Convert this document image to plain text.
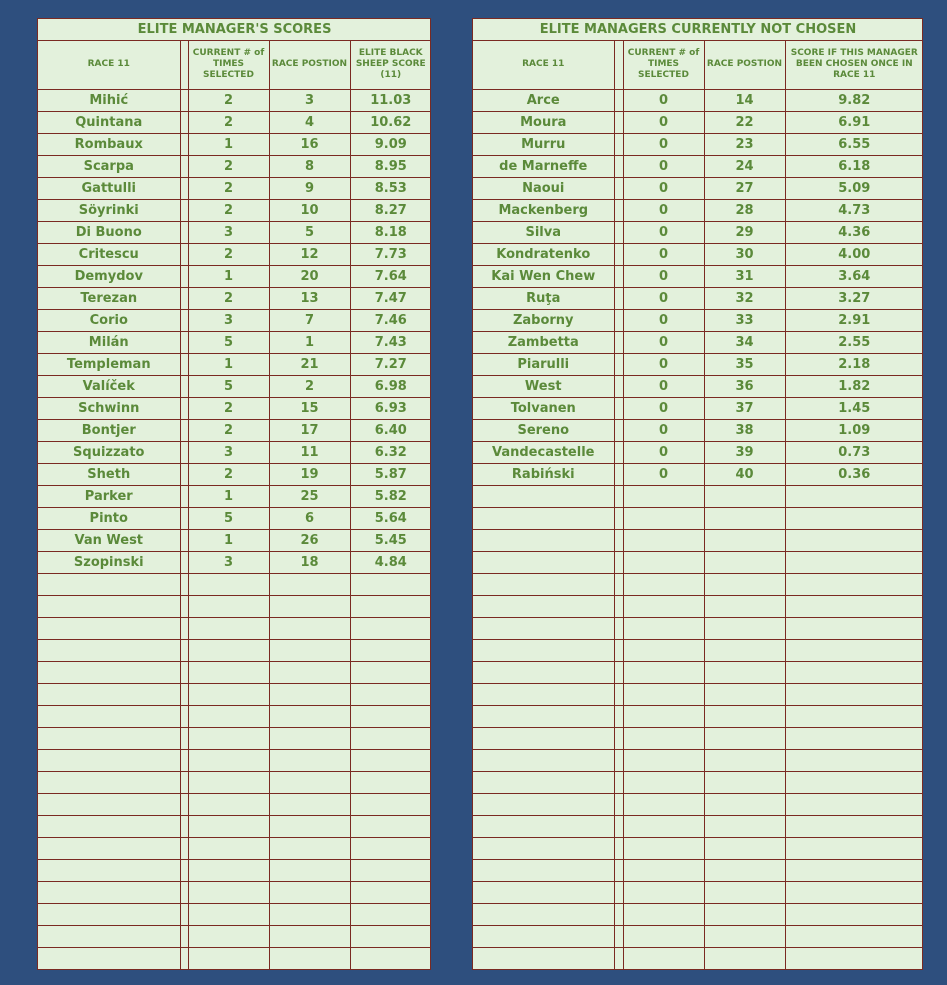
ELITE MANAGER'S SCORES				
RACE 11		CURRENT # of TIMES SELECTED	RACE POSTION	ELITE BLACK SHEEP SCORE (11)
Mihić		2	3	11.03
Quintana		2	4	10.62
Rombaux		1	16	9.09
Scarpa		2	8	8.95
Gattulli		2	9	8.53
Söyrinki		2	10	8.27
Di Buono		3	5	8.18
Critescu		2	12	7.73
Demydov		1	20	7.64
Terezan		2	13	7.47
Corio		3	7	7.46
Milán		5	1	7.43
Templeman		1	21	7.27
Valíček		5	2	6.98
Schwinn		2	15	6.93
Bontjer		2	17	6.40
Squizzato		3	11	6.32
Sheth		2	19	5.87
Parker		1	25	5.82
Pinto		5	6	5.64
Van West		1	26	5.45
Szopinski		3	18	4.84

ELITE MANAGERS CURRENTLY NOT CHOSEN				
RACE 11		CURRENT # of TIMES SELECTED	RACE POSTION	SCORE IF THIS MANAGER BEEN CHOSEN ONCE IN RACE 11
Arce		0	14	9.82
Moura		0	22	6.91
Murru		0	23	6.55
de Marneffe		0	24	6.18
Naoui		0	27	5.09
Mackenberg		0	28	4.73
Silva		0	29	4.36
Kondratenko		0	30	4.00
Kai Wen Chew		0	31	3.64
Ruţa		0	32	3.27
Zaborny		0	33	2.91
Zambetta		0	34	2.55
Piarulli		0	35	2.18
West		0	36	1.82
Tolvanen		0	37	1.45
Sereno		0	38	1.09
Vandecastelle		0	39	0.73
Rabiński		0	40	0.36
